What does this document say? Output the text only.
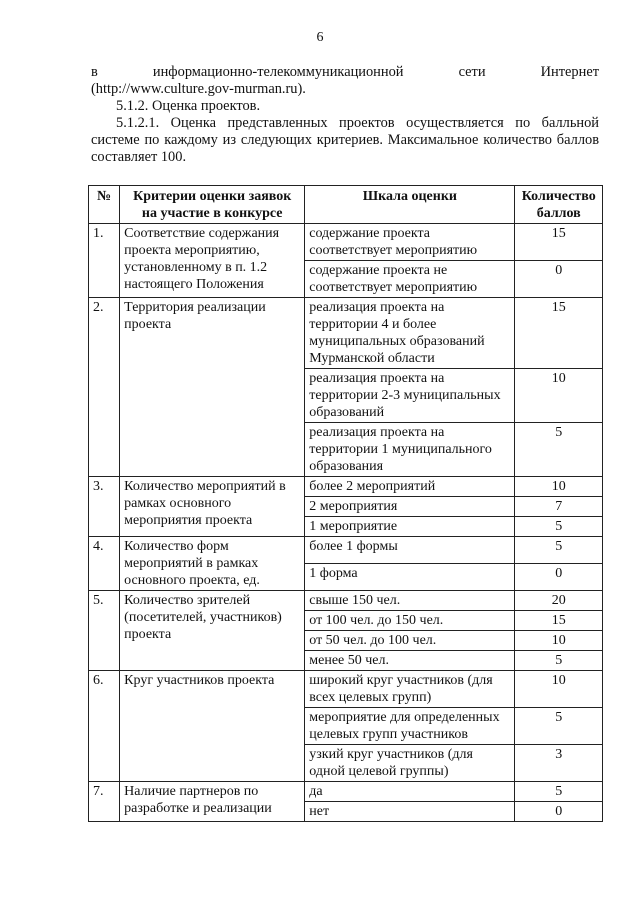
6
в	информационно-телекоммуникационной	сети	Интернет
(http://www.culture.gov-murman.ru).

5.1.2. Оценка проектов.

5.1.2.1. Оценка представленных проектов осуществляется по балльной системе по каждому из следующих критериев. Максимальное количество баллов составляет 100.

№	Критерии оценки заявок на участие в конкурсе	Шкала оценки	Количество баллов
1.	Соответствие содержания проекта мероприятию, установленному в п. 1.2 настоящего Положения	содержание проекта соответствует мероприятию	15
		содержание проекта не соответствует мероприятию	0
2.	Территория реализации проекта	реализация проекта на территории 4 и более муниципальных образований Мурманской области	15
		реализация проекта на территории 2-3 муниципальных образований	10
		реализация проекта на территории 1 муниципального образования	5
3.	Количество мероприятий в рамках основного мероприятия проекта	более 2 мероприятий	10
		2 мероприятия	7
		1 мероприятие	5
4.	Количество форм мероприятий в рамках основного проекта, ед.	более 1 формы	5
		1 форма	0
5.	Количество зрителей (посетителей, участников) проекта	свыше 150 чел.	20
		от 100 чел. до 150 чел.	15
		от 50 чел. до 100 чел.	10
		менее 50 чел.	5
6.	Круг участников проекта	широкий круг участников (для всех целевых групп)	10
		мероприятие для определенных целевых групп участников	5
		узкий круг участников (для одной целевой группы)	3
7.	Наличие партнеров по разработке и реализации	да	5
		нет	0
